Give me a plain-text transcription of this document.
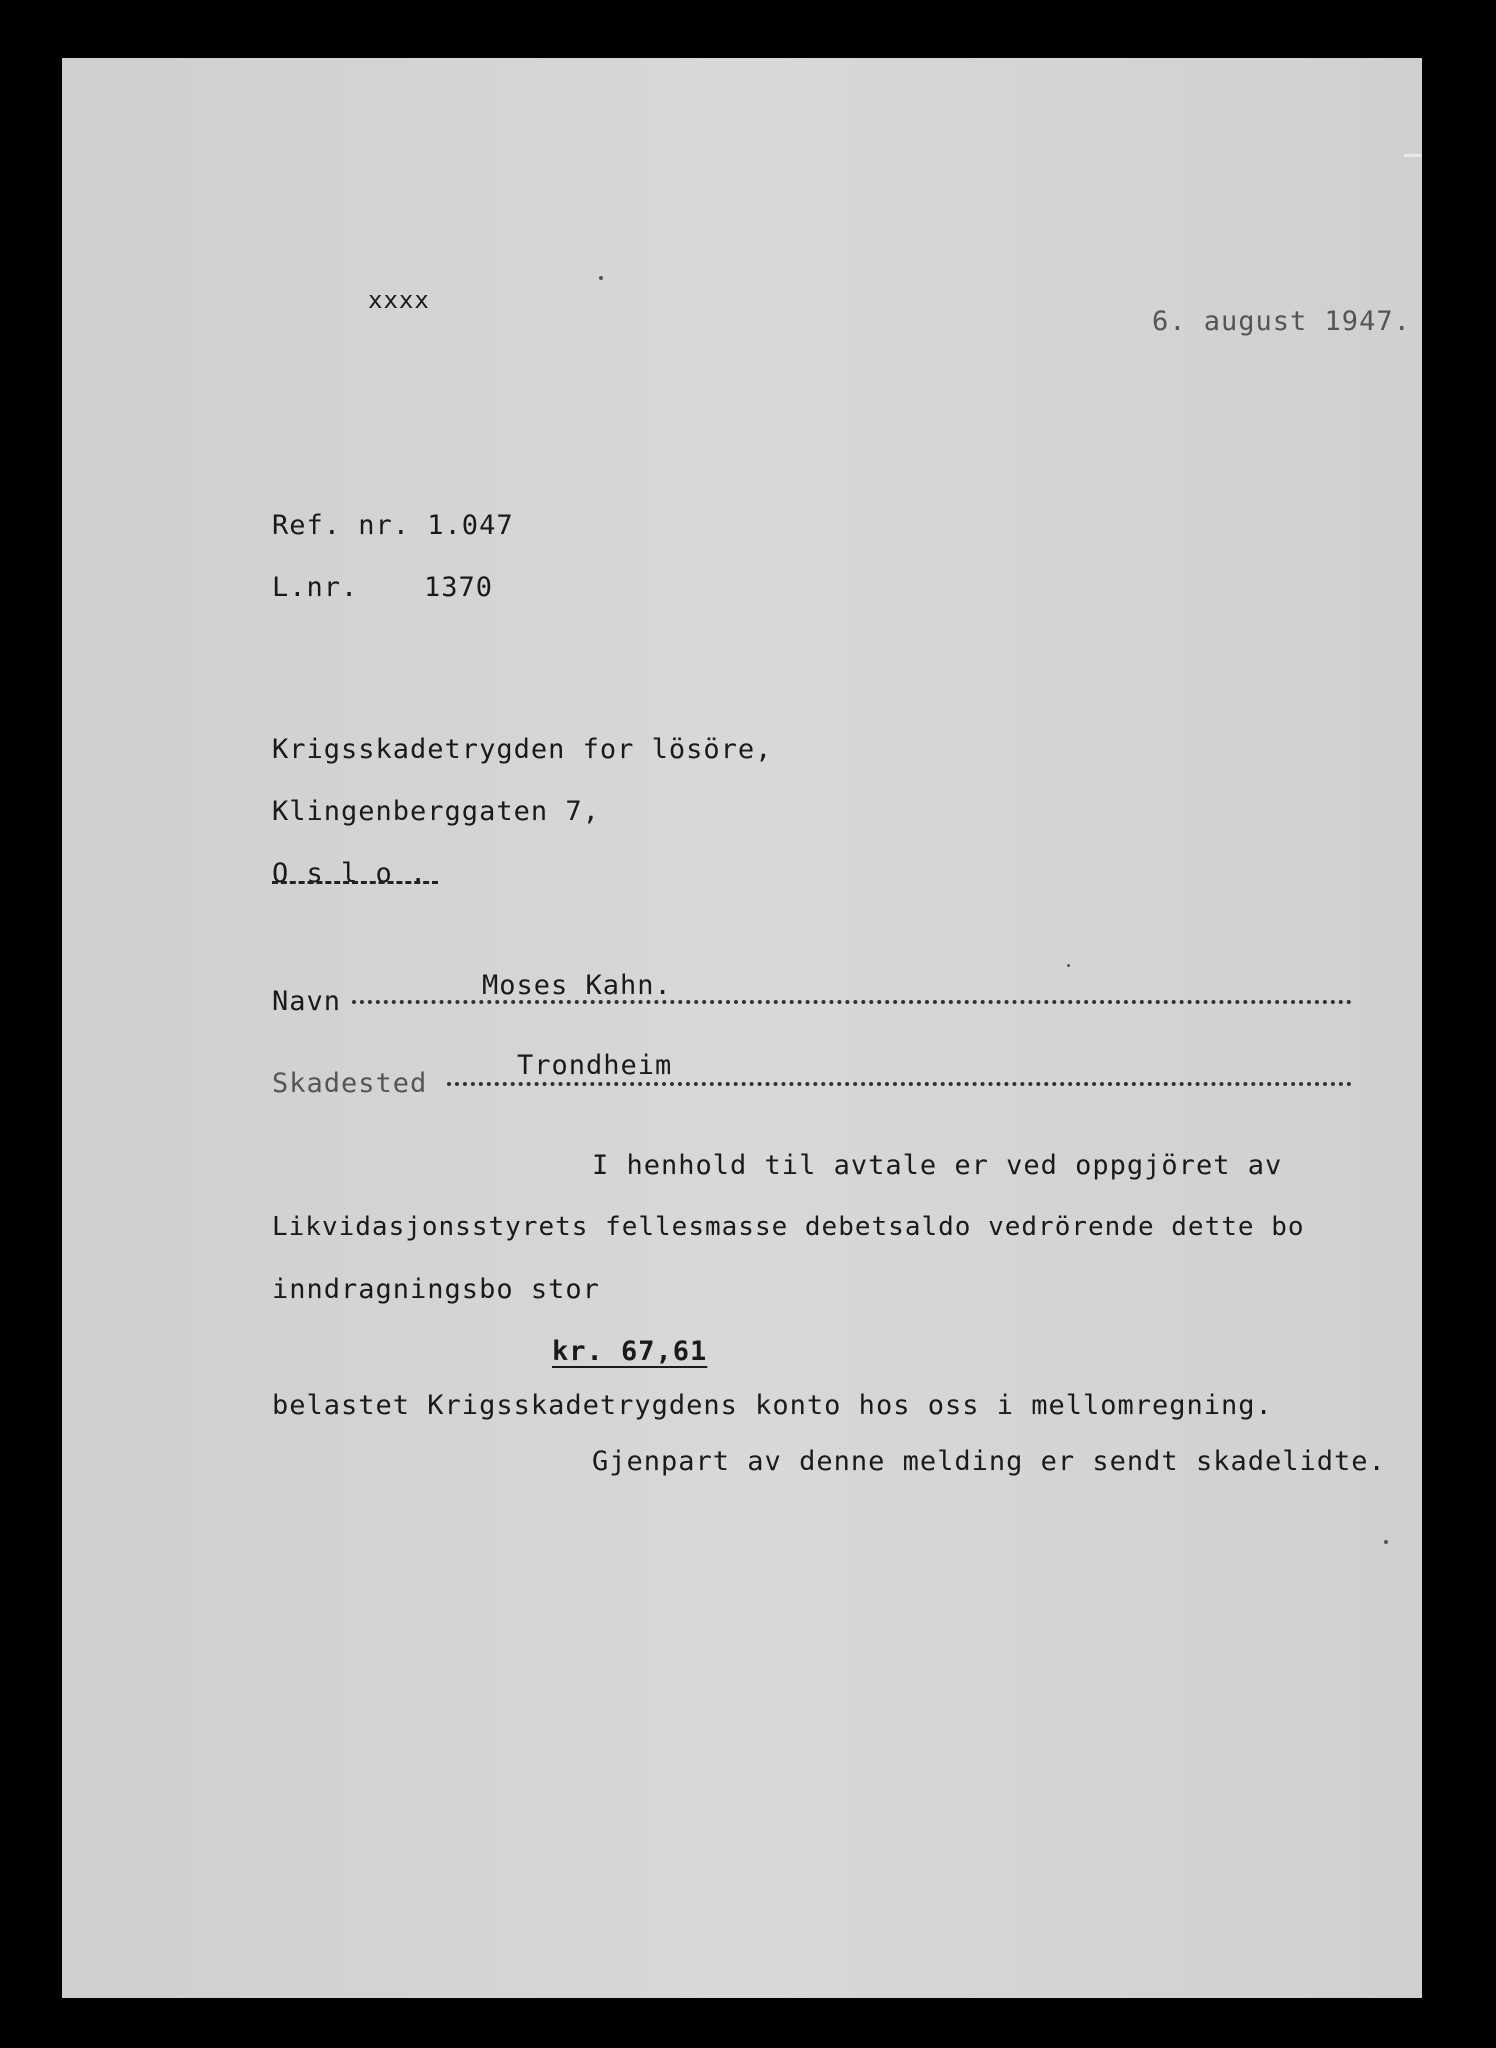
xxxx
6. august 1947.
Ref. nr. 1.047
L.nr. 1370
Krigsskadetrygden for lösöre,
Klingenberggaten 7,
O s l o .
Navn
Moses Kahn.
Skadested
Trondheim
I henhold til avtale er ved oppgjöret av
Likvidasjonsstyrets fellesmasse debetsaldo vedrörende dette bo
inndragningsbo stor
kr. 67,61
belastet Krigsskadetrygdens konto hos oss i mellomregning.
Gjenpart av denne melding er sendt skadelidte.
